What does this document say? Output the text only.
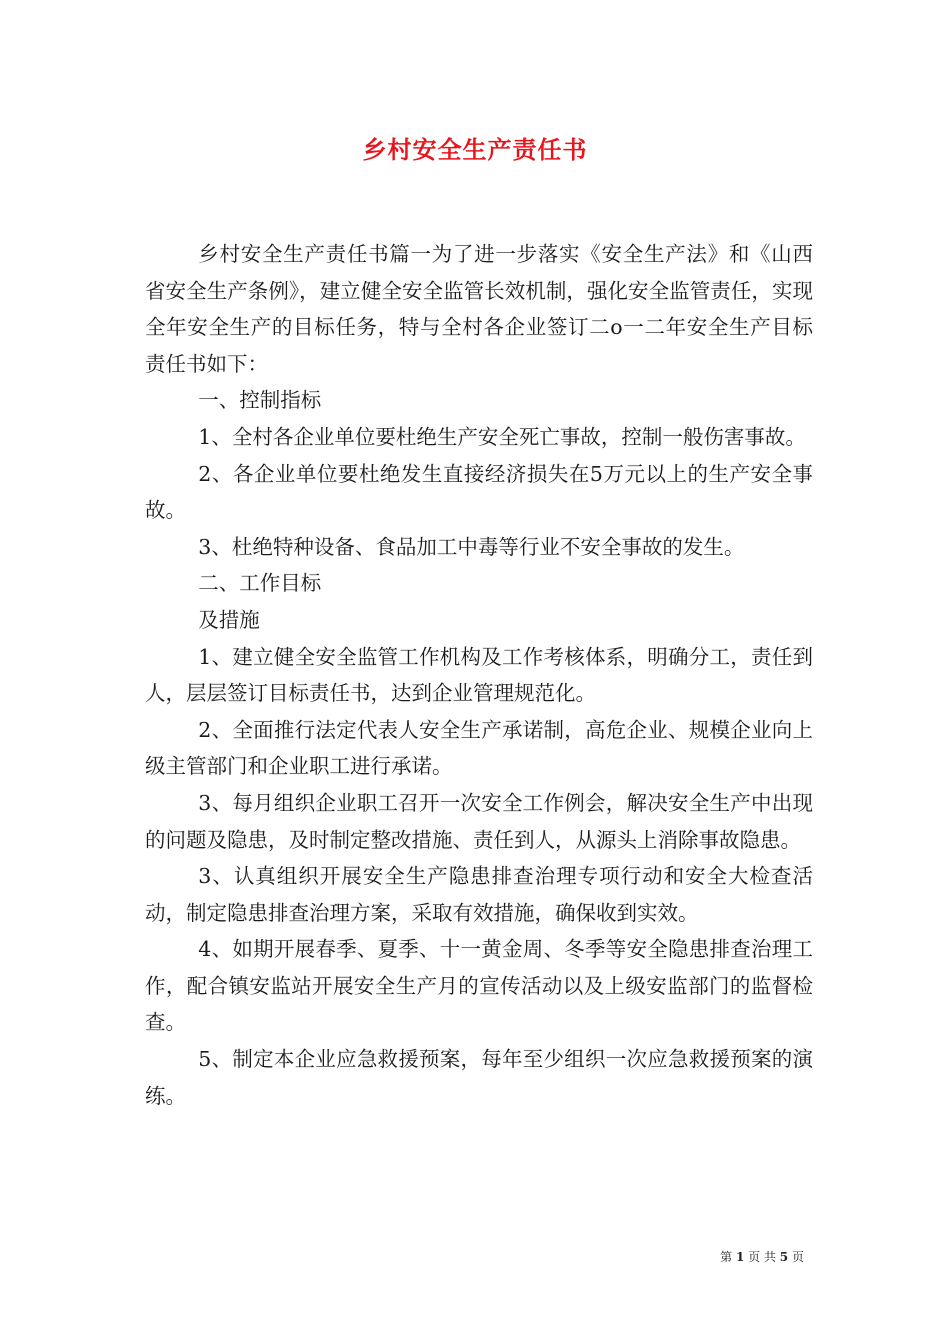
乡村安全生产责任书

乡村安全生产责任书篇一为了进一步落实《安全生产法》和《山西省安全生产条例》，建立健全安全监管长效机制，强化安全监管责任，实现全年安全生产的目标任务，特与全村各企业签订二o一二年安全生产目标责任书如下：

一、控制指标

1、全村各企业单位要杜绝生产安全死亡事故，控制一般伤害事故。

2、各企业单位要杜绝发生直接经济损失在5万元以上的生产安全事故。

3、杜绝特种设备、食品加工中毒等行业不安全事故的发生。

二、工作目标

及措施

1、建立健全安全监管工作机构及工作考核体系，明确分工，责任到人，层层签订目标责任书，达到企业管理规范化。

2、全面推行法定代表人安全生产承诺制，高危企业、规模企业向上级主管部门和企业职工进行承诺。

3、每月组织企业职工召开一次安全工作例会，解决安全生产中出现的问题及隐患，及时制定整改措施、责任到人，从源头上消除事故隐患。

3、认真组织开展安全生产隐患排查治理专项行动和安全大检查活动，制定隐患排查治理方案，采取有效措施，确保收到实效。

4、如期开展春季、夏季、十一黄金周、冬季等安全隐患排查治理工作，配合镇安监站开展安全生产月的宣传活动以及上级安监部门的监督检查。

5、制定本企业应急救援预案，每年至少组织一次应急救援预案的演练。

第 1 页 共 5 页
